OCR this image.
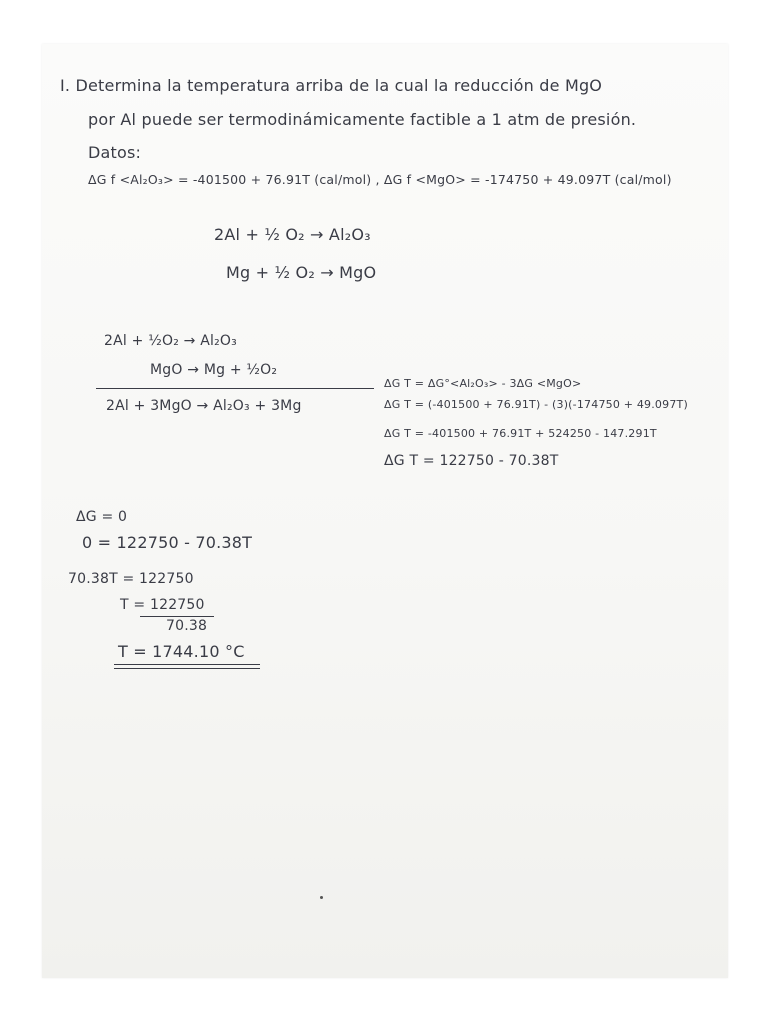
I. Determina la temperatura arriba de la cual la reducción de MgO
por Al puede ser termodinámicamente factible a 1 atm de presión.
Datos:
ΔG f <Al₂O₃> = -401500 + 76.91T (cal/mol) , ΔG f <MgO> = -174750 + 49.097T (cal/mol)
2Al + ½ O₂ → Al₂O₃
Mg + ½ O₂ → MgO
2Al + ½O₂ → Al₂O₃
MgO → Mg + ½O₂
2Al + 3MgO → Al₂O₃ + 3Mg
ΔG T = ΔG°<Al₂O₃> - 3ΔG <MgO>
ΔG T = (-401500 + 76.91T) - (3)(-174750 + 49.097T)
ΔG T = -401500 + 76.91T + 524250 - 147.291T
ΔG T = 122750 - 70.38T
ΔG = 0
0 = 122750 - 70.38T
70.38T = 122750
T = 122750
70.38
T = 1744.10 °C
